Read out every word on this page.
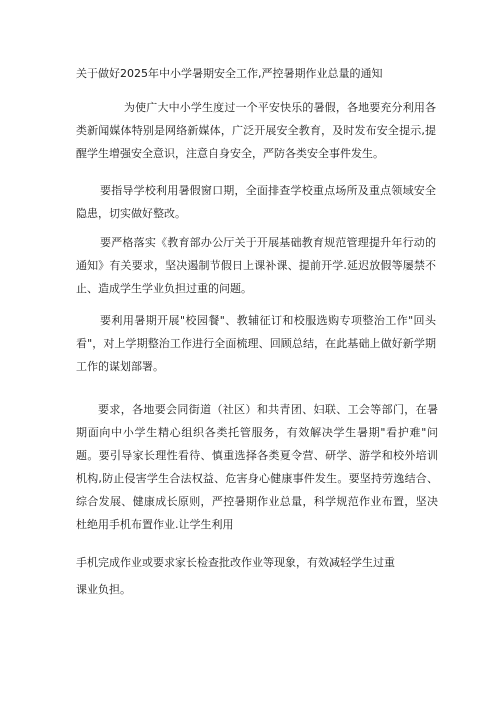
关于做好2025年中小学暑期安全工作,严控暑期作业总量的通知
为使广大中小学生度过一个平安快乐的暑假，各地要充分利用各类新闻媒体特别是网络新媒体，广泛开展安全教育，及时发布安全提示,提醒学生增强安全意识，注意自身安全，严防各类安全事件发生。
要指导学校利用暑假窗口期，全面排查学校重点场所及重点领域安全隐患，切实做好整改。
要严格落实《教育部办公厅关于开展基础教育规范管理提升年行动的通知》有关要求，坚决遏制节假日上课补课、提前开学.延迟放假等屡禁不止、造成学生学业负担过重的问题。
要利用暑期开展"校园餐"、教辅征订和校服选购专项整治工作"回头看"，对上学期整治工作进行全面梳理、回顾总结，在此基础上做好新学期工作的谋划部署。
要求，各地要会同街道（社区）和共青团、妇联、工会等部门，在暑期面向中小学生精心组织各类托管服务，有效解决学生暑期"看护难"问题。要引导家长理性看待、慎重选择各类夏令营、研学、游学和校外培训机构,防止侵害学生合法权益、危害身心健康事件发生。要坚持劳逸结合、综合发展、健康成长原则，严控暑期作业总量，科学规范作业布置，坚决杜绝用手机布置作业.让学生利用
手机完成作业或要求家长检查批改作业等现象，有效减轻学生过重
课业负担。
